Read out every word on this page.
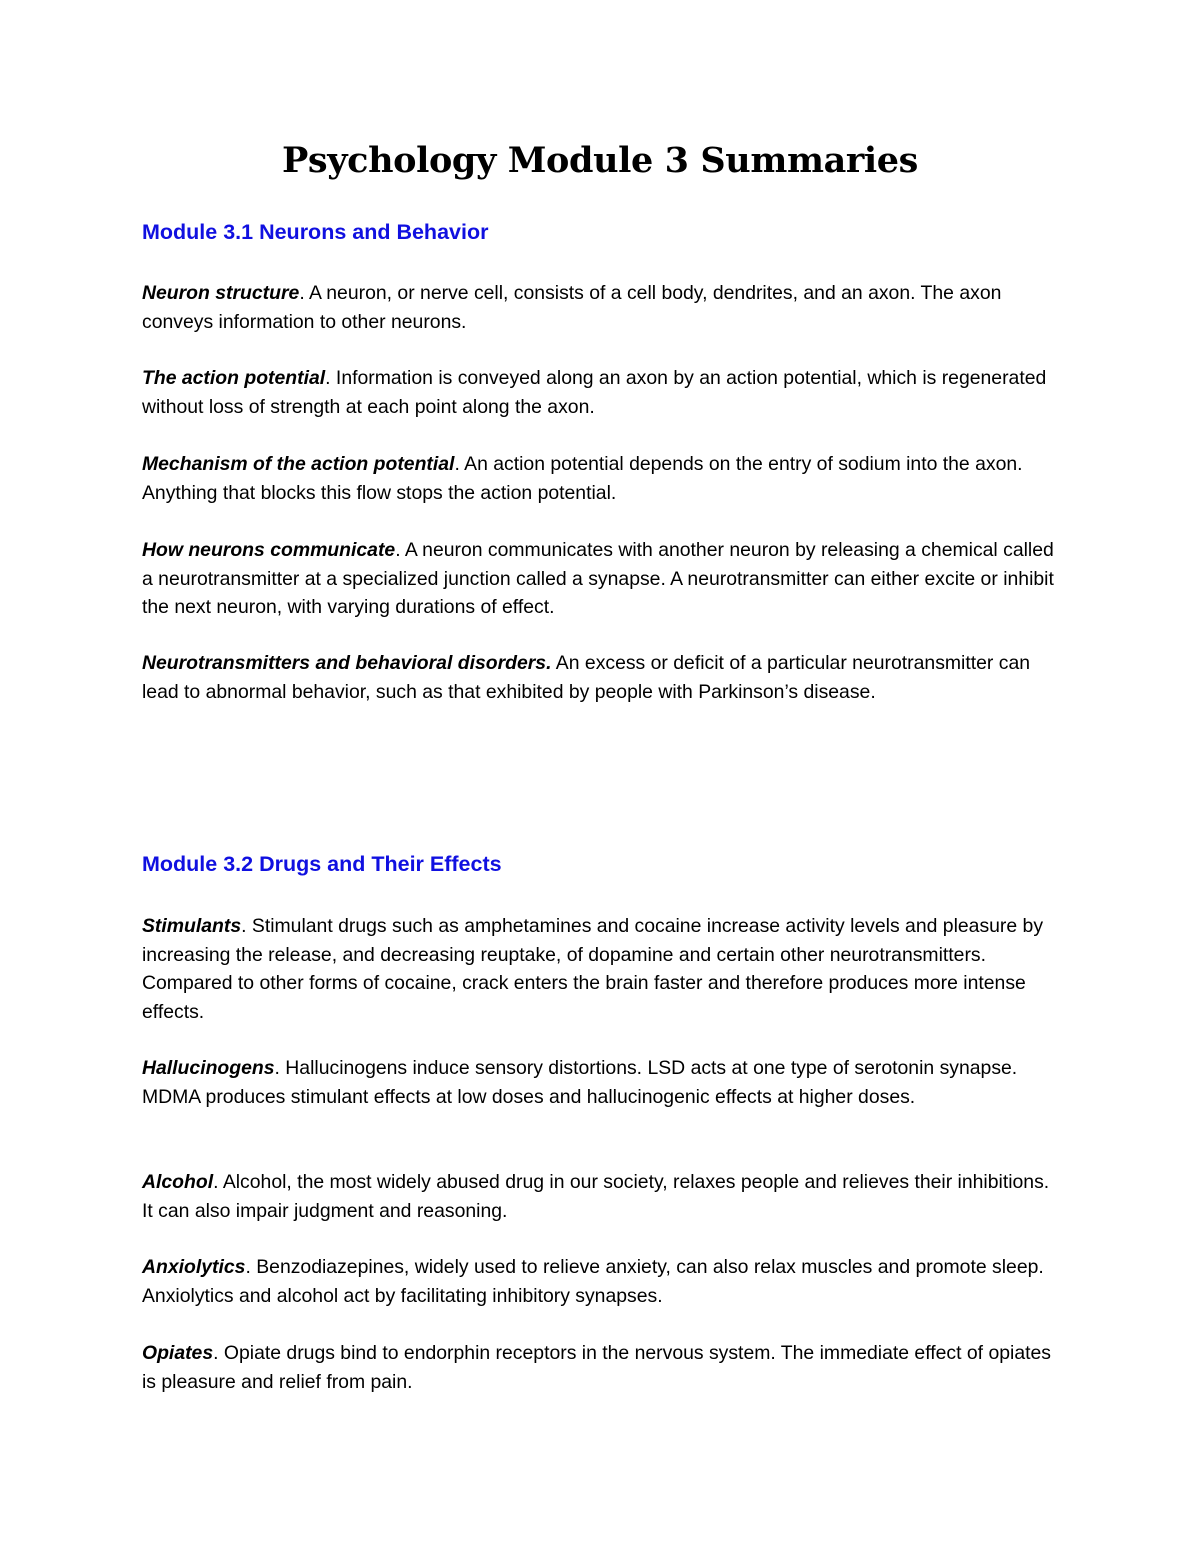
Psychology Module 3 Summaries
Module 3.1 Neurons and Behavior

Neuron structure. A neuron, or nerve cell, consists of a cell body, dendrites, and an axon. The axon conveys information to other neurons.

The action potential. Information is conveyed along an axon by an action potential, which is regenerated without loss of strength at each point along the axon.

Mechanism of the action potential. An action potential depends on the entry of sodium into the axon. Anything that blocks this flow stops the action potential.

How neurons communicate. A neuron communicates with another neuron by releasing a chemical called a neurotransmitter at a specialized junction called a synapse. A neurotransmitter can either excite or inhibit the next neuron, with varying durations of effect.

Neurotransmitters and behavioral disorders. An excess or deficit of a particular neurotransmitter can lead to abnormal behavior, such as that exhibited by people with Parkinson’s disease.

Module 3.2 Drugs and Their Effects

Stimulants. Stimulant drugs such as amphetamines and cocaine increase activity levels and pleasure by increasing the release, and decreasing reuptake, of dopamine and certain other neurotransmitters. Compared to other forms of cocaine, crack enters the brain faster and therefore produces more intense effects.

Hallucinogens. Hallucinogens induce sensory distortions. LSD acts at one type of serotonin synapse. MDMA produces stimulant effects at low doses and hallucinogenic effects at higher doses.

Alcohol. Alcohol, the most widely abused drug in our society, relaxes people and relieves their inhibitions. It can also impair judgment and reasoning.

Anxiolytics. Benzodiazepines, widely used to relieve anxiety, can also relax muscles and promote sleep. Anxiolytics and alcohol act by facilitating inhibitory synapses.

Opiates. Opiate drugs bind to endorphin receptors in the nervous system. The immediate effect of opiates is pleasure and relief from pain.
